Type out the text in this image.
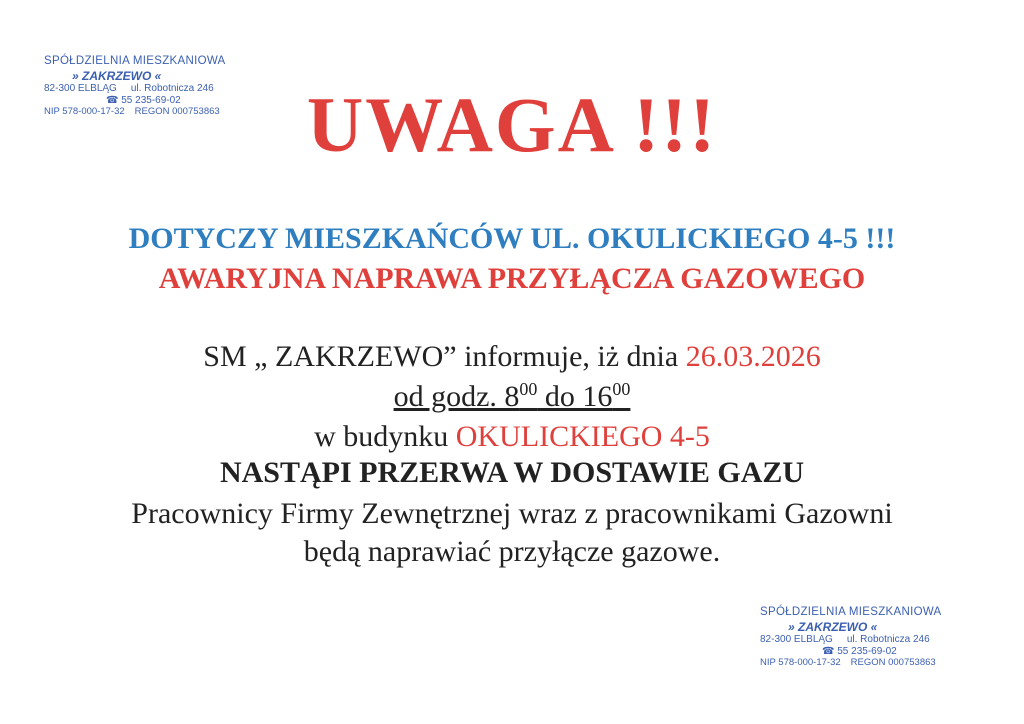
SPÓŁDZIELNIA MIESZKANIOWA
» ZAKRZEWO «
82-300 ELBLĄG ul. Robotnicza 246
☎ 55 235-69-02
NIP 578-000-17-32 REGON 000753863	UWAGA !!!
DOTYCZY MIESZKAŃCÓW UL. OKULICKIEGO 4-5 !!!
AWARYJNA NAPRAWA PRZYŁĄCZA GAZOWEGO
SM „ ZAKRZEWO” informuje, iż dnia 26.03.2026
od godz. $8^{00}$ do $16^{00}$
w budynku OKULICKIEGO 4-5
NASTĄPI PRZERWA W DOSTAWIE GAZU
Pracownicy Firmy Zewnętrznej wraz z pracownikami Gazowni
będą naprawiać przyłącze gazowe.
SPÓŁDZIELNIA MIESZKANIOWA
» ZAKRZEWO «
82-300 ELBLĄG ul. Robotnicza 246
☎ 55 235-69-02
NIP 578-000-17-32 REGON 000753863
